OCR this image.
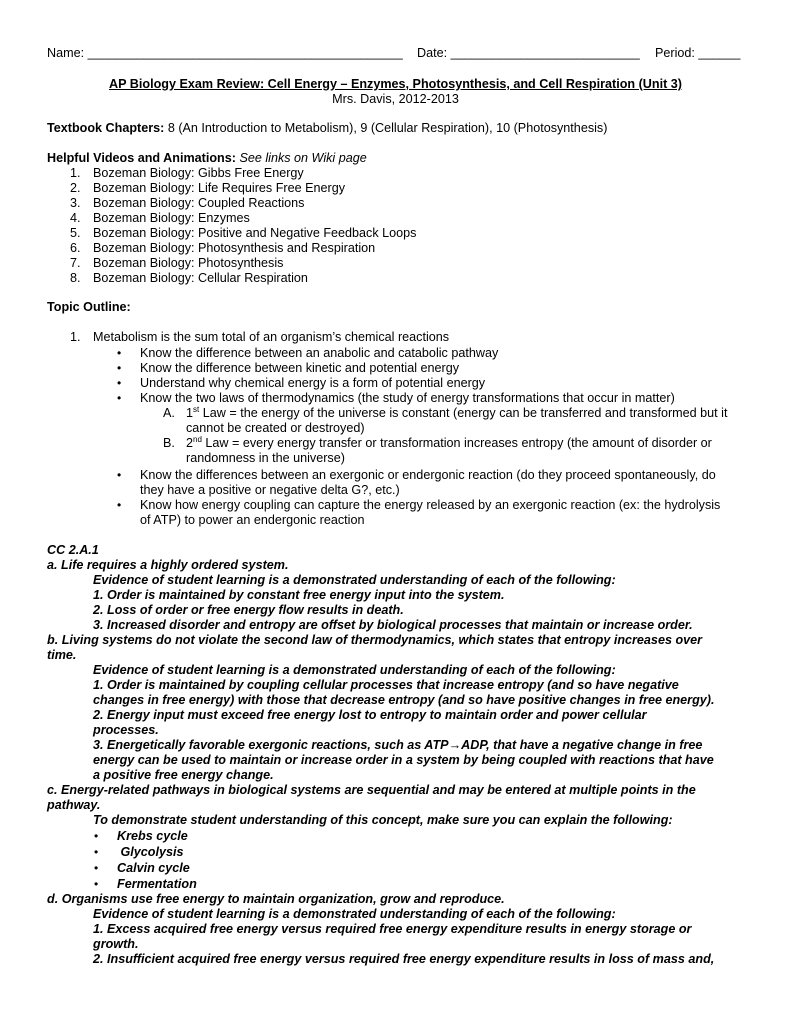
Name: _____________________________________________ Date: ___________________________ Period: ______
AP Biology Exam Review: Cell Energy – Enzymes, Photosynthesis, and Cell Respiration (Unit 3)
Mrs. Davis, 2012-2013
Textbook Chapters: 8 (An Introduction to Metabolism), 9 (Cellular Respiration), 10 (Photosynthesis)
Helpful Videos and Animations: See links on Wiki page
1. Bozeman Biology: Gibbs Free Energy
2. Bozeman Biology: Life Requires Free Energy
3. Bozeman Biology: Coupled Reactions
4. Bozeman Biology: Enzymes
5. Bozeman Biology: Positive and Negative Feedback Loops
6. Bozeman Biology: Photosynthesis and Respiration
7. Bozeman Biology: Photosynthesis
8. Bozeman Biology: Cellular Respiration
Topic Outline:
1. Metabolism is the sum total of an organism’s chemical reactions
• Know the difference between an anabolic and catabolic pathway
• Know the difference between kinetic and potential energy
• Understand why chemical energy is a form of potential energy
• Know the two laws of thermodynamics (the study of energy transformations that occur in matter)
A. 1st Law = the energy of the universe is constant (energy can be transferred and transformed but it
cannot be created or destroyed)
B. 2nd Law = every energy transfer or transformation increases entropy (the amount of disorder or
randomness in the universe)
• Know the differences between an exergonic or endergonic reaction (do they proceed spontaneously, do
they have a positive or negative delta G?, etc.)
• Know how energy coupling can capture the energy released by an exergonic reaction (ex: the hydrolysis
of ATP) to power an endergonic reaction
CC 2.A.1
a. Life requires a highly ordered system.
Evidence of student learning is a demonstrated understanding of each of the following:
1. Order is maintained by constant free energy input into the system.
2. Loss of order or free energy flow results in death.
3. Increased disorder and entropy are offset by biological processes that maintain or increase order.
b. Living systems do not violate the second law of thermodynamics, which states that entropy increases over
time.
Evidence of student learning is a demonstrated understanding of each of the following:
1. Order is maintained by coupling cellular processes that increase entropy (and so have negative
changes in free energy) with those that decrease entropy (and so have positive changes in free energy).
2. Energy input must exceed free energy lost to entropy to maintain order and power cellular
processes.
3. Energetically favorable exergonic reactions, such as ATP→ADP, that have a negative change in free
energy can be used to maintain or increase order in a system by being coupled with reactions that have
a positive free energy change.
c. Energy-related pathways in biological systems are sequential and may be entered at multiple points in the
pathway.
To demonstrate student understanding of this concept, make sure you can explain the following:
• Krebs cycle
• Glycolysis
• Calvin cycle
• Fermentation
d. Organisms use free energy to maintain organization, grow and reproduce.
Evidence of student learning is a demonstrated understanding of each of the following:
1. Excess acquired free energy versus required free energy expenditure results in energy storage or
growth.
2. Insufficient acquired free energy versus required free energy expenditure results in loss of mass and,
